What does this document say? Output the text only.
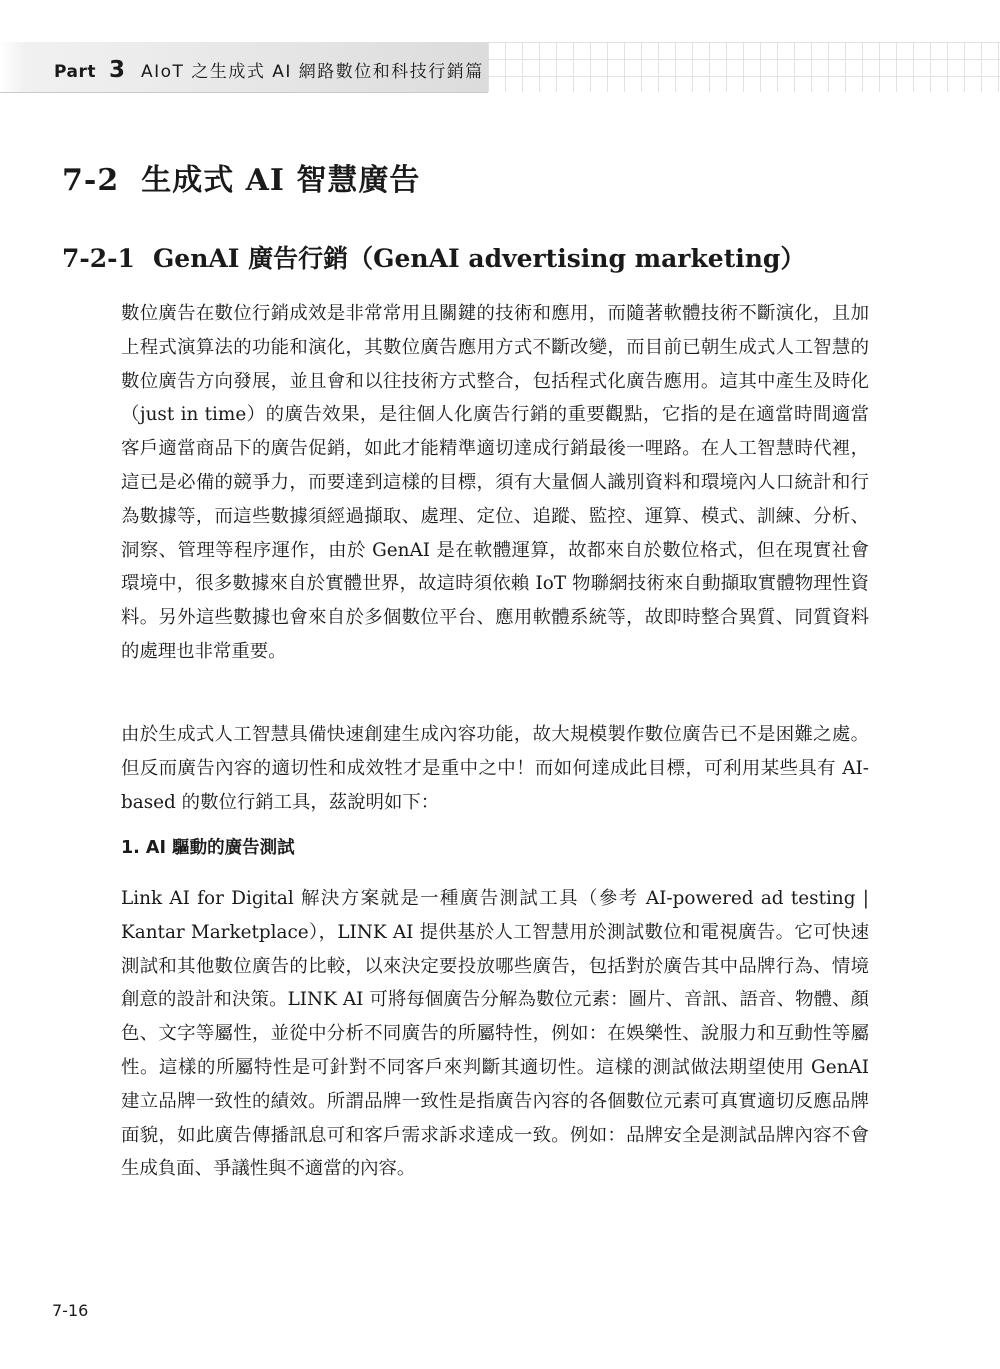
Part 3 AIoT 之生成式 AI 網路數位和科技行銷篇
7-2 生成式 AI 智慧廣告
7-2-1 GenAI 廣告行銷（GenAI advertising marketing）

數位廣告在數位行銷成效是非常常用且關鍵的技術和應用，而隨著軟體技術不斷演化，且加上程式演算法的功能和演化，其數位廣告應用方式不斷改變，而目前已朝生成式人工智慧的數位廣告方向發展，並且會和以往技術方式整合，包括程式化廣告應用。這其中產生及時化（just in time）的廣告效果，是往個人化廣告行銷的重要觀點，它指的是在適當時間適當客戶適當商品下的廣告促銷，如此才能精準適切達成行銷最後一哩路。在人工智慧時代裡，這已是必備的競爭力，而要達到這樣的目標，須有大量個人識別資料和環境內人口統計和行為數據等，而這些數據須經過擷取、處理、定位、追蹤、監控、運算、模式、訓練、分析、洞察、管理等程序運作，由於 GenAI 是在軟體運算，故都來自於數位格式，但在現實社會環境中，很多數據來自於實體世界，故這時須依賴 IoT 物聯網技術來自動擷取實體物理性資料。另外這些數據也會來自於多個數位平台、應用軟體系統等，故即時整合異質、同質資料的處理也非常重要。

由於生成式人工智慧具備快速創建生成內容功能，故大規模製作數位廣告已不是困難之處。但反而廣告內容的適切性和成效牲才是重中之中！而如何達成此目標，可利用某些具有 AI-based 的數位行銷工具，茲說明如下：

1. AI 驅動的廣告測試

Link AI for Digital 解決方案就是一種廣告測試工具（參考 AI-powered ad testing | Kantar Marketplace），LINK AI 提供基於人工智慧用於測試數位和電視廣告。它可快速測試和其他數位廣告的比較，以來決定要投放哪些廣告，包括對於廣告其中品牌行為、情境創意的設計和決策。LINK AI 可將每個廣告分解為數位元素：圖片、音訊、語音、物體、顏色、文字等屬性，並從中分析不同廣告的所屬特性，例如：在娛樂性、說服力和互動性等屬性。這樣的所屬特性是可針對不同客戶來判斷其適切性。這樣的測試做法期望使用 GenAI 建立品牌一致性的績效。所謂品牌一致性是指廣告內容的各個數位元素可真實適切反應品牌面貌，如此廣告傳播訊息可和客戶需求訴求達成一致。例如：品牌安全是測試品牌內容不會生成負面、爭議性與不適當的內容。

7-16
